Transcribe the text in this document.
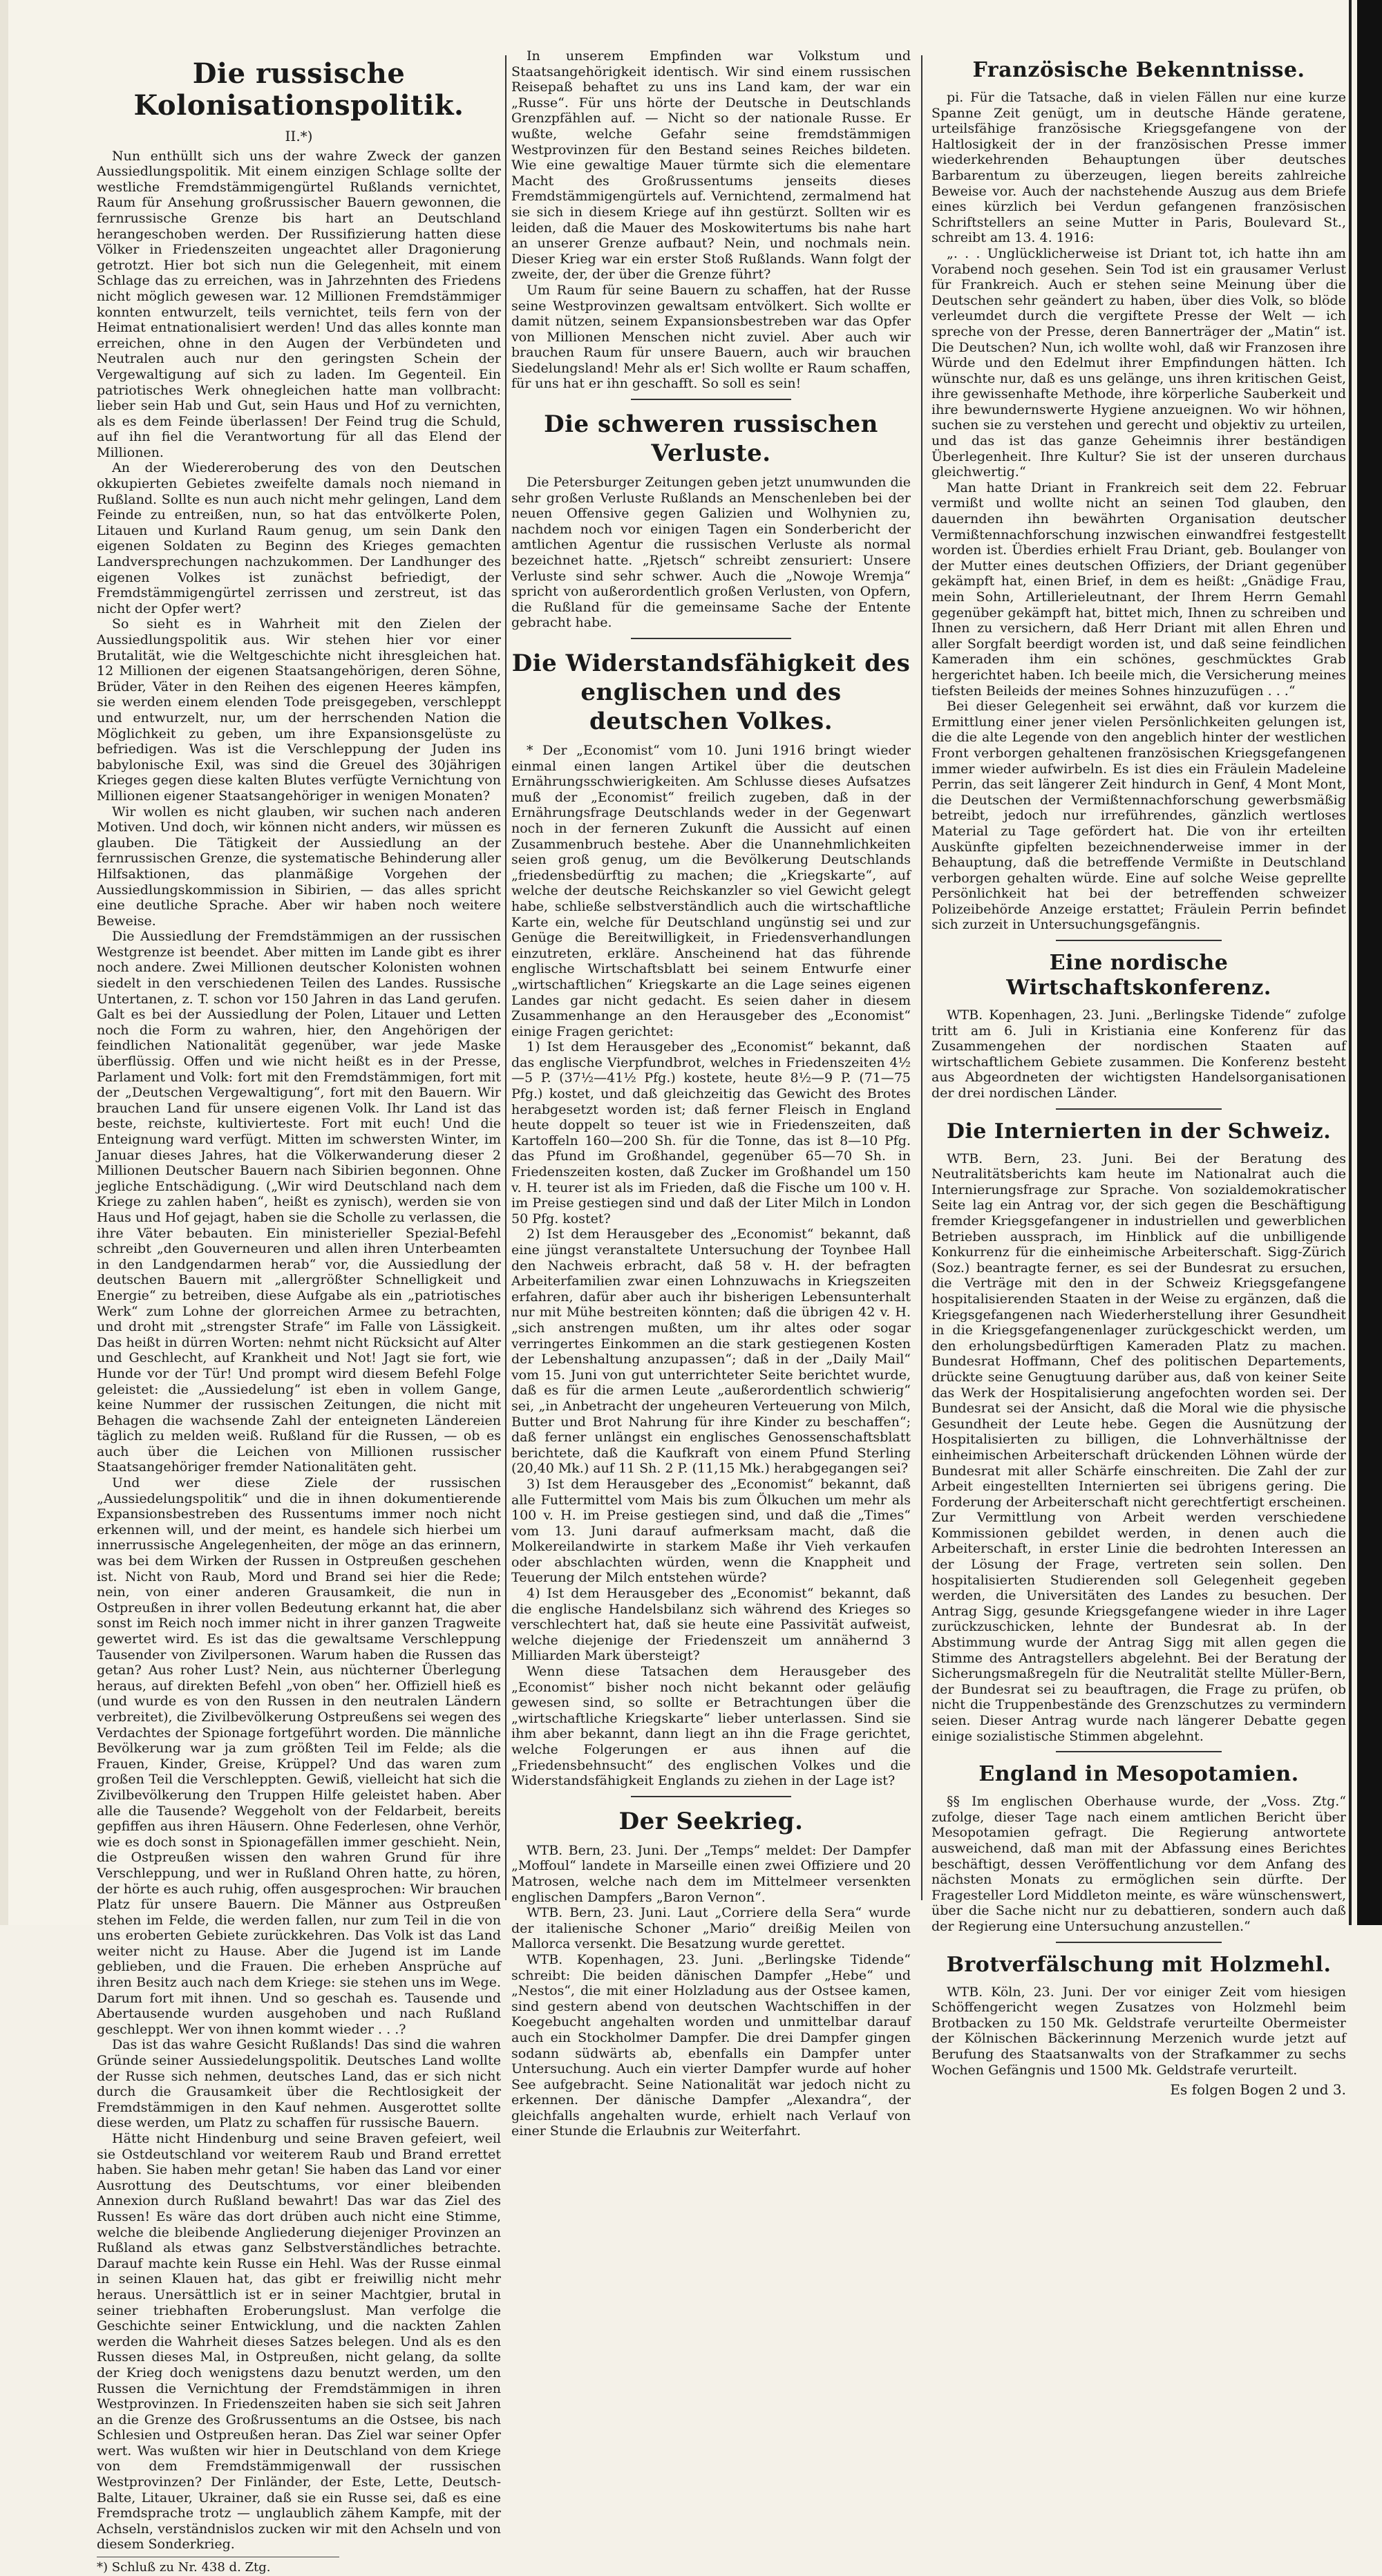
Die russische Kolonisationspolitik.
II.*)

Nun enthüllt sich uns der wahre Zweck der ganzen Aussiedlungspolitik. Mit einem einzigen Schlage sollte der westliche Fremdstämmigengürtel Rußlands vernichtet, Raum für Ansehung großrussischer Bauern gewonnen, die fernrussische Grenze bis hart an Deutschland herangeschoben werden. Der Russifizierung hatten diese Völker in Friedenszeiten ungeachtet aller Dragonierung getrotzt. Hier bot sich nun die Gelegenheit, mit einem Schlage das zu erreichen, was in Jahrzehnten des Friedens nicht möglich gewesen war. 12 Millionen Fremdstämmiger konnten entwurzelt, teils vernichtet, teils fern von der Heimat entnationalisiert werden! Und das alles konnte man erreichen, ohne in den Augen der Verbündeten und Neutralen auch nur den geringsten Schein der Vergewaltigung auf sich zu laden. Im Gegenteil. Ein patriotisches Werk ohnegleichen hatte man vollbracht: lieber sein Hab und Gut, sein Haus und Hof zu vernichten, als es dem Feinde überlassen! Der Feind trug die Schuld, auf ihn fiel die Verantwortung für all das Elend der Millionen.

An der Wiedereroberung des von den Deutschen okkupierten Gebietes zweifelte damals noch niemand in Rußland. Sollte es nun auch nicht mehr gelingen, Land dem Feinde zu entreißen, nun, so hat das entvölkerte Polen, Litauen und Kurland Raum genug, um sein Dank den eigenen Soldaten zu Beginn des Krieges gemachten Landversprechungen nachzukommen. Der Landhunger des eigenen Volkes ist zunächst befriedigt, der Fremdstämmigengürtel zerrissen und zerstreut, ist das nicht der Opfer wert?

So sieht es in Wahrheit mit den Zielen der Aussiedlungspolitik aus. Wir stehen hier vor einer Brutalität, wie die Weltgeschichte nicht ihresgleichen hat. 12 Millionen der eigenen Staatsangehörigen, deren Söhne, Brüder, Väter in den Reihen des eigenen Heeres kämpfen, sie werden einem elenden Tode preisgegeben, verschleppt und entwurzelt, nur, um der herrschenden Nation die Möglichkeit zu geben, um ihre Expansionsgelüste zu befriedigen. Was ist die Verschleppung der Juden ins babylonische Exil, was sind die Greuel des 30jährigen Krieges gegen diese kalten Blutes verfügte Vernichtung von Millionen eigener Staatsangehöriger in wenigen Monaten?

Wir wollen es nicht glauben, wir suchen nach anderen Motiven. Und doch, wir können nicht anders, wir müssen es glauben. Die Tätigkeit der Aussiedlung an der fernrussischen Grenze, die systematische Behinderung aller Hilfsaktionen, das planmäßige Vorgehen der Aussiedlungskommission in Sibirien, — das alles spricht eine deutliche Sprache. Aber wir haben noch weitere Beweise.

Die Aussiedlung der Fremdstämmigen an der russischen Westgrenze ist beendet. Aber mitten im Lande gibt es ihrer noch andere. Zwei Millionen deutscher Kolonisten wohnen siedelt in den verschiedenen Teilen des Landes. Russische Untertanen, z. T. schon vor 150 Jahren in das Land gerufen. Galt es bei der Aussiedlung der Polen, Litauer und Letten noch die Form zu wahren, hier, den Angehörigen der feindlichen Nationalität gegenüber, war jede Maske überflüssig. Offen und wie nicht heißt es in der Presse, Parlament und Volk: fort mit den Fremdstämmigen, fort mit der „Deutschen Vergewaltigung“, fort mit den Bauern. Wir brauchen Land für unsere eigenen Volk. Ihr Land ist das beste, reichste, kultivierteste. Fort mit euch! Und die Enteignung ward verfügt. Mitten im schwersten Winter, im Januar dieses Jahres, hat die Völkerwanderung dieser 2 Millionen Deutscher Bauern nach Sibirien begonnen. Ohne jegliche Entschädigung. („Wir wird Deutschland nach dem Kriege zu zahlen haben“, heißt es zynisch), werden sie von Haus und Hof gejagt, haben sie die Scholle zu verlassen, die ihre Väter bebauten. Ein ministerieller Spezial-Befehl schreibt „den Gouverneuren und allen ihren Unterbeamten in den Landgendarmen herab“ vor, die Aussiedlung der deutschen Bauern mit „allergrößter Schnelligkeit und Energie“ zu betreiben, diese Aufgabe als ein „patriotisches Werk“ zum Lohne der glorreichen Armee zu betrachten, und droht mit „strengster Strafe“ im Falle von Lässigkeit. Das heißt in dürren Worten: nehmt nicht Rücksicht auf Alter und Geschlecht, auf Krankheit und Not! Jagt sie fort, wie Hunde vor der Tür! Und prompt wird diesem Befehl Folge geleistet: die „Aussiedelung“ ist eben in vollem Gange, keine Nummer der russischen Zeitungen, die nicht mit Behagen die wachsende Zahl der enteigneten Ländereien täglich zu melden weiß. Rußland für die Russen, — ob es auch über die Leichen von Millionen russischer Staatsangehöriger fremder Nationalitäten geht.

Und wer diese Ziele der russischen „Aussiedelungspolitik“ und die in ihnen dokumentierende Expansionsbestreben des Russentums immer noch nicht erkennen will, und der meint, es handele sich hierbei um innerrussische Angelegenheiten, der möge an das erinnern, was bei dem Wirken der Russen in Ostpreußen geschehen ist. Nicht von Raub, Mord und Brand sei hier die Rede; nein, von einer anderen Grausamkeit, die nun in Ostpreußen in ihrer vollen Bedeutung erkannt hat, die aber sonst im Reich noch immer nicht in ihrer ganzen Tragweite gewertet wird. Es ist das die gewaltsame Verschleppung Tausender von Zivilpersonen. Warum haben die Russen das getan? Aus roher Lust? Nein, aus nüchterner Überlegung heraus, auf direkten Befehl „von oben“ her. Offiziell hieß es (und wurde es von den Russen in den neutralen Ländern verbreitet), die Zivilbevölkerung Ostpreußens sei wegen des Verdachtes der Spionage fortgeführt worden. Die männliche Bevölkerung war ja zum größten Teil im Felde; als die Frauen, Kinder, Greise, Krüppel? Und das waren zum großen Teil die Verschleppten. Gewiß, vielleicht hat sich die Zivilbevölkerung den Truppen Hilfe geleistet haben. Aber alle die Tausende? Weggeholt von der Feldarbeit, bereits gepfiffen aus ihren Häusern. Ohne Federlesen, ohne Verhör, wie es doch sonst in Spionagefällen immer geschieht. Nein, die Ostpreußen wissen den wahren Grund für ihre Verschleppung, und wer in Rußland Ohren hatte, zu hören, der hörte es auch ruhig, offen ausgesprochen: Wir brauchen Platz für unsere Bauern. Die Männer aus Ostpreußen stehen im Felde, die werden fallen, nur zum Teil in die von uns eroberten Gebiete zurückkehren. Das Volk ist das Land weiter nicht zu Hause. Aber die Jugend ist im Lande geblieben, und die Frauen. Die erheben Ansprüche auf ihren Besitz auch nach dem Kriege: sie stehen uns im Wege. Darum fort mit ihnen. Und so geschah es. Tausende und Abertausende wurden ausgehoben und nach Rußland geschleppt. Wer von ihnen kommt wieder . . .?

Das ist das wahre Gesicht Rußlands! Das sind die wahren Gründe seiner Aussiedelungspolitik. Deutsches Land wollte der Russe sich nehmen, deutsches Land, das er sich nicht durch die Grausamkeit über die Rechtlosigkeit der Fremdstämmigen in den Kauf nehmen. Ausgerottet sollte diese werden, um Platz zu schaffen für russische Bauern.

Hätte nicht Hindenburg und seine Braven gefeiert, weil sie Ostdeutschland vor weiterem Raub und Brand errettet haben. Sie haben mehr getan! Sie haben das Land vor einer Ausrottung des Deutschtums, vor einer bleibenden Annexion durch Rußland bewahrt! Das war das Ziel des Russen! Es wäre das dort drüben auch nicht eine Stimme, welche die bleibende Angliederung diejeniger Provinzen an Rußland als etwas ganz Selbstverständliches betrachte. Darauf machte kein Russe ein Hehl. Was der Russe einmal in seinen Klauen hat, das gibt er freiwillig nicht mehr heraus. Unersättlich ist er in seiner Machtgier, brutal in seiner triebhaften Eroberungslust. Man verfolge die Geschichte seiner Entwicklung, und die nackten Zahlen werden die Wahrheit dieses Satzes belegen. Und als es den Russen dieses Mal, in Ostpreußen, nicht gelang, da sollte der Krieg doch wenigstens dazu benutzt werden, um den Russen die Vernichtung der Fremdstämmigen in ihren Westprovinzen. In Friedenszeiten haben sie sich seit Jahren an die Grenze des Großrussentums an die Ostsee, bis nach Schlesien und Ostpreußen heran. Das Ziel war seiner Opfer wert. Was wußten wir hier in Deutschland von dem Kriege von dem Fremdstämmigenwall der russischen Westprovinzen? Der Finländer, der Este, Lette, Deutsch-Balte, Litauer, Ukrainer, daß sie ein Russe sei, daß es eine Fremdsprache trotz — unglaublich zähem Kampfe, mit der Achseln, verständnislos zucken wir mit den Achseln und von diesem Sonderkrieg.

*) Schluß zu Nr. 438 d. Ztg.

In unserem Empfinden war Volkstum und Staatsangehörigkeit identisch. Wir sind einem russischen Reisepaß behaftet zu uns ins Land kam, der war ein „Russe“. Für uns hörte der Deutsche in Deutschlands Grenzpfählen auf. — Nicht so der nationale Russe. Er wußte, welche Gefahr seine fremdstämmigen Westprovinzen für den Bestand seines Reiches bildeten. Wie eine gewaltige Mauer türmte sich die elementare Macht des Großrussentums jenseits dieses Fremdstämmigengürtels auf. Vernichtend, zermalmend hat sie sich in diesem Kriege auf ihn gestürzt. Sollten wir es leiden, daß die Mauer des Moskowitertums bis nahe hart an unserer Grenze aufbaut? Nein, und nochmals nein. Dieser Krieg war ein erster Stoß Rußlands. Wann folgt der zweite, der, der über die Grenze führt?

Um Raum für seine Bauern zu schaffen, hat der Russe seine Westprovinzen gewaltsam entvölkert. Sich wollte er damit nützen, seinem Expansionsbestreben war das Opfer von Millionen Menschen nicht zuviel. Aber auch wir brauchen Raum für unsere Bauern, auch wir brauchen Siedelungsland! Mehr als er! Sich wollte er Raum schaffen, für uns hat er ihn geschafft. So soll es sein!

Die schweren russischen Verluste.

Die Petersburger Zeitungen geben jetzt unumwunden die sehr großen Verluste Rußlands an Menschenleben bei der neuen Offensive gegen Galizien und Wolhynien zu, nachdem noch vor einigen Tagen ein Sonderbericht der amtlichen Agentur die russischen Verluste als normal bezeichnet hatte. „Rjetsch“ schreibt zensuriert: Unsere Verluste sind sehr schwer. Auch die „Nowoje Wremja“ spricht von außerordentlich großen Verlusten, von Opfern, die Rußland für die gemeinsame Sache der Entente gebracht habe.

Die Widerstandsfähigkeit des englischen und des deutschen Volkes.

* Der „Economist“ vom 10. Juni 1916 bringt wieder einmal einen langen Artikel über die deutschen Ernährungsschwierigkeiten. Am Schlusse dieses Aufsatzes muß der „Economist“ freilich zugeben, daß in der Ernährungsfrage Deutschlands weder in der Gegenwart noch in der ferneren Zukunft die Aussicht auf einen Zusammenbruch bestehe. Aber die Unannehmlichkeiten seien groß genug, um die Bevölkerung Deutschlands „friedensbedürftig zu machen; die „Kriegskarte“, auf welche der deutsche Reichskanzler so viel Gewicht gelegt habe, schließe selbstverständlich auch die wirtschaftliche Karte ein, welche für Deutschland ungünstig sei und zur Genüge die Bereitwilligkeit, in Friedensverhandlungen einzutreten, erkläre. Anscheinend hat das führende englische Wirtschaftsblatt bei seinem Entwurfe einer „wirtschaftlichen“ Kriegskarte an die Lage seines eigenen Landes gar nicht gedacht. Es seien daher in diesem Zusammenhange an den Herausgeber des „Economist“ einige Fragen gerichtet:

1) Ist dem Herausgeber des „Economist“ bekannt, daß das englische Vierpfundbrot, welches in Friedenszeiten 4½—5 P. (37½—41½ Pfg.) kostete, heute 8½—9 P. (71—75 Pfg.) kostet, und daß gleichzeitig das Gewicht des Brotes herabgesetzt worden ist; daß ferner Fleisch in England heute doppelt so teuer ist wie in Friedenszeiten, daß Kartoffeln 160—200 Sh. für die Tonne, das ist 8—10 Pfg. das Pfund im Großhandel, gegenüber 65—70 Sh. in Friedenszeiten kosten, daß Zucker im Großhandel um 150 v. H. teurer ist als im Frieden, daß die Fische um 100 v. H. im Preise gestiegen sind und daß der Liter Milch in London 50 Pfg. kostet?

2) Ist dem Herausgeber des „Economist“ bekannt, daß eine jüngst veranstaltete Untersuchung der Toynbee Hall den Nachweis erbracht, daß 58 v. H. der befragten Arbeiterfamilien zwar einen Lohnzuwachs in Kriegszeiten erfahren, dafür aber auch ihr bisherigen Lebensunterhalt nur mit Mühe bestreiten könnten; daß die übrigen 42 v. H. „sich anstrengen mußten, um ihr altes oder sogar verringertes Einkommen an die stark gestiegenen Kosten der Lebenshaltung anzupassen“; daß in der „Daily Mail“ vom 15. Juni von gut unterrichteter Seite berichtet wurde, daß es für die armen Leute „außerordentlich schwierig“ sei, „in Anbetracht der ungeheuren Verteuerung von Milch, Butter und Brot Nahrung für ihre Kinder zu beschaffen“; daß ferner unlängst ein englisches Genossenschaftsblatt berichtete, daß die Kaufkraft von einem Pfund Sterling (20,40 Mk.) auf 11 Sh. 2 P. (11,15 Mk.) herabgegangen sei?

3) Ist dem Herausgeber des „Economist“ bekannt, daß alle Futtermittel vom Mais bis zum Ölkuchen um mehr als 100 v. H. im Preise gestiegen sind, und daß die „Times“ vom 13. Juni darauf aufmerksam macht, daß die Molkereilandwirte in starkem Maße ihr Vieh verkaufen oder abschlachten würden, wenn die Knappheit und Teuerung der Milch entstehen würde?

4) Ist dem Herausgeber des „Economist“ bekannt, daß die englische Handelsbilanz sich während des Krieges so verschlechtert hat, daß sie heute eine Passivität aufweist, welche diejenige der Friedenszeit um annähernd 3 Milliarden Mark übersteigt?

Wenn diese Tatsachen dem Herausgeber des „Economist“ bisher noch nicht bekannt oder geläufig gewesen sind, so sollte er Betrachtungen über die „wirtschaftliche Kriegskarte“ lieber unterlassen. Sind sie ihm aber bekannt, dann liegt an ihn die Frage gerichtet, welche Folgerungen er aus ihnen auf die „Friedensbehnsucht“ des englischen Volkes und die Widerstandsfähigkeit Englands zu ziehen in der Lage ist?

Der Seekrieg.

WTB. Bern, 23. Juni. Der „Temps“ meldet: Der Dampfer „Moffoul“ landete in Marseille einen zwei Offiziere und 20 Matrosen, welche nach dem im Mittelmeer versenkten englischen Dampfers „Baron Vernon“.

WTB. Bern, 23. Juni. Laut „Corriere della Sera“ wurde der italienische Schoner „Mario“ dreißig Meilen von Mallorca versenkt. Die Besatzung wurde gerettet.

WTB. Kopenhagen, 23. Juni. „Berlingske Tidende“ schreibt: Die beiden dänischen Dampfer „Hebe“ und „Nestos“, die mit einer Holzladung aus der Ostsee kamen, sind gestern abend von deutschen Wachtschiffen in der Koegebucht angehalten worden und unmittelbar darauf auch ein Stockholmer Dampfer. Die drei Dampfer gingen sodann südwärts ab, ebenfalls ein Dampfer unter Untersuchung. Auch ein vierter Dampfer wurde auf hoher See aufgebracht. Seine Nationalität war jedoch nicht zu erkennen. Der dänische Dampfer „Alexandra“, der gleichfalls angehalten wurde, erhielt nach Verlauf von einer Stunde die Erlaubnis zur Weiterfahrt.

Französische Bekenntnisse.

pi. Für die Tatsache, daß in vielen Fällen nur eine kurze Spanne Zeit genügt, um in deutsche Hände geratene, urteilsfähige französische Kriegsgefangene von der Haltlosigkeit der in der französischen Presse immer wiederkehrenden Behauptungen über deutsches Barbarentum zu überzeugen, liegen bereits zahlreiche Beweise vor. Auch der nachstehende Auszug aus dem Briefe eines kürzlich bei Verdun gefangenen französischen Schriftstellers an seine Mutter in Paris, Boulevard St., schreibt am 13. 4. 1916:

„. . . Unglücklicherweise ist Driant tot, ich hatte ihn am Vorabend noch gesehen. Sein Tod ist ein grausamer Verlust für Frankreich. Auch er stehen seine Meinung über die Deutschen sehr geändert zu haben, über dies Volk, so blöde verleumdet durch die vergiftete Presse der Welt — ich spreche von der Presse, deren Bannerträger der „Matin“ ist. Die Deutschen? Nun, ich wollte wohl, daß wir Franzosen ihre Würde und den Edelmut ihrer Empfindungen hätten. Ich wünschte nur, daß es uns gelänge, uns ihren kritischen Geist, ihre gewissenhafte Methode, ihre körperliche Sauberkeit und ihre bewundernswerte Hygiene anzueignen. Wo wir höhnen, suchen sie zu verstehen und gerecht und objektiv zu urteilen, und das ist das ganze Geheimnis ihrer beständigen Überlegenheit. Ihre Kultur? Sie ist der unseren durchaus gleichwertig.“

Man hatte Driant in Frankreich seit dem 22. Februar vermißt und wollte nicht an seinen Tod glauben, den dauernden ihn bewährten Organisation deutscher Vermißtennachforschung inzwischen einwandfrei festgestellt worden ist. Überdies erhielt Frau Driant, geb. Boulanger von der Mutter eines deutschen Offiziers, der Driant gegenüber gekämpft hat, einen Brief, in dem es heißt: „Gnädige Frau, mein Sohn, Artillerieleutnant, der Ihrem Herrn Gemahl gegenüber gekämpft hat, bittet mich, Ihnen zu schreiben und Ihnen zu versichern, daß Herr Driant mit allen Ehren und aller Sorgfalt beerdigt worden ist, und daß seine feindlichen Kameraden ihm ein schönes, geschmücktes Grab hergerichtet haben. Ich beeile mich, die Versicherung meines tiefsten Beileids der meines Sohnes hinzuzufügen . . .“

Bei dieser Gelegenheit sei erwähnt, daß vor kurzem die Ermittlung einer jener vielen Persönlichkeiten gelungen ist, die die alte Legende von den angeblich hinter der westlichen Front verborgen gehaltenen französischen Kriegsgefangenen immer wieder aufwirbeln. Es ist dies ein Fräulein Madeleine Perrin, das seit längerer Zeit hindurch in Genf, 4 Mont Mont, die Deutschen der Vermißtennachforschung gewerbsmäßig betreibt, jedoch nur irreführendes, gänzlich wertloses Material zu Tage gefördert hat. Die von ihr erteilten Auskünfte gipfelten bezeichnenderweise immer in der Behauptung, daß die betreffende Vermißte in Deutschland verborgen gehalten würde. Eine auf solche Weise geprellte Persönlichkeit hat bei der betreffenden schweizer Polizeibehörde Anzeige erstattet; Fräulein Perrin befindet sich zurzeit in Untersuchungsgefängnis.

Eine nordische Wirtschaftskonferenz.

WTB. Kopenhagen, 23. Juni. „Berlingske Tidende“ zufolge tritt am 6. Juli in Kristiania eine Konferenz für das Zusammengehen der nordischen Staaten auf wirtschaftlichem Gebiete zusammen. Die Konferenz besteht aus Abgeordneten der wichtigsten Handelsorganisationen der drei nordischen Länder.

Die Internierten in der Schweiz.

WTB. Bern, 23. Juni. Bei der Beratung des Neutralitätsberichts kam heute im Nationalrat auch die Internierungsfrage zur Sprache. Von sozialdemokratischer Seite lag ein Antrag vor, der sich gegen die Beschäftigung fremder Kriegsgefangener in industriellen und gewerblichen Betrieben aussprach, im Hinblick auf die unbilligende Konkurrenz für die einheimische Arbeiterschaft. Sigg-Zürich (Soz.) beantragte ferner, es sei der Bundesrat zu ersuchen, die Verträge mit den in der Schweiz Kriegsgefangene hospitalisierenden Staaten in der Weise zu ergänzen, daß die Kriegsgefangenen nach Wiederherstellung ihrer Gesundheit in die Kriegsgefangenenlager zurückgeschickt werden, um den erholungsbedürftigen Kameraden Platz zu machen. Bundesrat Hoffmann, Chef des politischen Departements, drückte seine Genugtuung darüber aus, daß von keiner Seite das Werk der Hospitalisierung angefochten worden sei. Der Bundesrat sei der Ansicht, daß die Moral wie die physische Gesundheit der Leute hebe. Gegen die Ausnützung der Hospitalisierten zu billigen, die Lohnverhältnisse der einheimischen Arbeiterschaft drückenden Löhnen würde der Bundesrat mit aller Schärfe einschreiten. Die Zahl der zur Arbeit eingestellten Internierten sei übrigens gering. Die Forderung der Arbeiterschaft nicht gerechtfertigt erscheinen. Zur Vermittlung von Arbeit werden verschiedene Kommissionen gebildet werden, in denen auch die Arbeiterschaft, in erster Linie die bedrohten Interessen an der Lösung der Frage, vertreten sein sollen. Den hospitalisierten Studierenden soll Gelegenheit gegeben werden, die Universitäten des Landes zu besuchen. Der Antrag Sigg, gesunde Kriegsgefangene wieder in ihre Lager zurückzuschicken, lehnte der Bundesrat ab. In der Abstimmung wurde der Antrag Sigg mit allen gegen die Stimme des Antragstellers abgelehnt. Bei der Beratung der Sicherungsmaßregeln für die Neutralität stellte Müller-Bern, der Bundesrat sei zu beauftragen, die Frage zu prüfen, ob nicht die Truppenbestände des Grenzschutzes zu vermindern seien. Dieser Antrag wurde nach längerer Debatte gegen einige sozialistische Stimmen abgelehnt.

England in Mesopotamien.

§§ Im englischen Oberhause wurde, der „Voss. Ztg.“ zufolge, dieser Tage nach einem amtlichen Bericht über Mesopotamien gefragt. Die Regierung antwortete ausweichend, daß man mit der Abfassung eines Berichtes beschäftigt, dessen Veröffentlichung vor dem Anfang des nächsten Monats zu ermöglichen sein dürfte. Der Fragesteller Lord Middleton meinte, es wäre wünschenswert, über die Sache nicht nur zu debattieren, sondern auch daß der Regierung eine Untersuchung anzustellen.“

Brotverfälschung mit Holzmehl.

WTB. Köln, 23. Juni. Der vor einiger Zeit vom hiesigen Schöffengericht wegen Zusatzes von Holzmehl beim Brotbacken zu 150 Mk. Geldstrafe verurteilte Obermeister der Kölnischen Bäckerinnung Merzenich wurde jetzt auf Berufung des Staatsanwalts von der Strafkammer zu sechs Wochen Gefängnis und 1500 Mk. Geldstrafe verurteilt.

Es folgen Bogen 2 und 3.
